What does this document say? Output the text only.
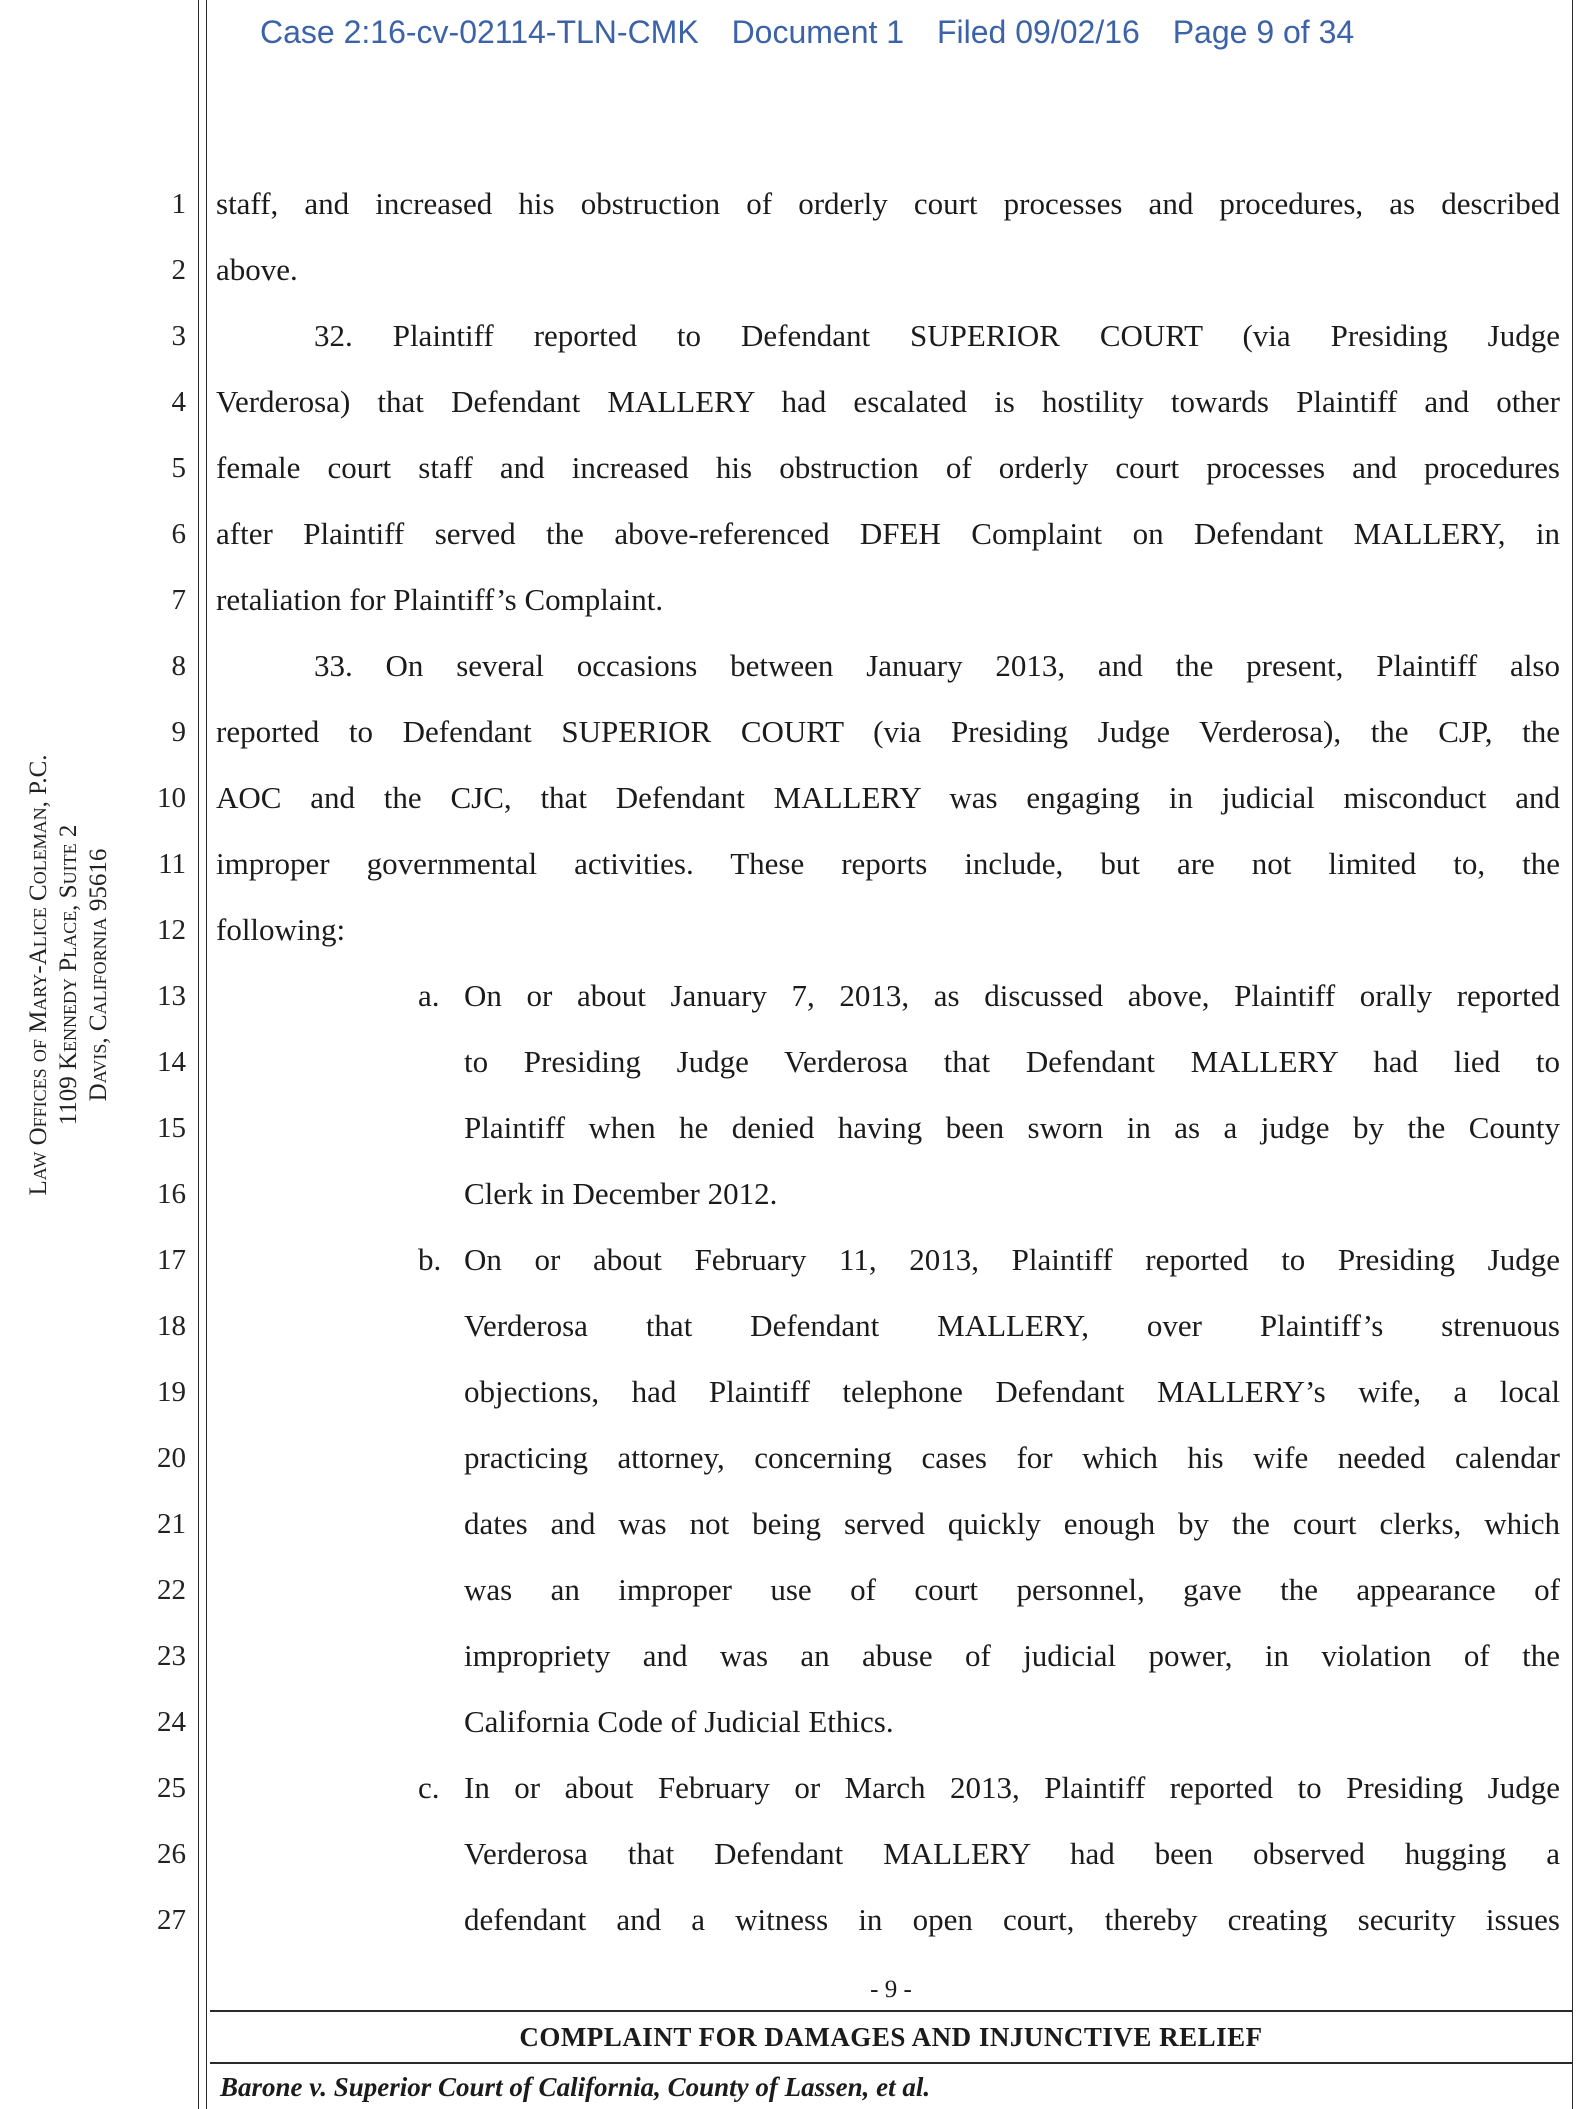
Case 2:16-cv-02114-TLN-CMK Document 1 Filed 09/02/16 Page 9 of 34
Law Offices of Mary-Alice Coleman, P.C. 1109 Kennedy Place, Suite 2 Davis, California 95616
1
2
3
4
5
6
7
8
9
10
11
12
13
14
15
16
17
18
19
20
21
22
23
24
25
26
27
staff, and increased his obstruction of orderly court processes and procedures, as described
above.
32. Plaintiff reported to Defendant SUPERIOR COURT (via Presiding Judge
Verderosa) that Defendant MALLERY had escalated is hostility towards Plaintiff and other
female court staff and increased his obstruction of orderly court processes and procedures
after Plaintiff served the above-referenced DFEH Complaint on Defendant MALLERY, in
retaliation for Plaintiff’s Complaint.
33. On several occasions between January 2013, and the present, Plaintiff also
reported to Defendant SUPERIOR COURT (via Presiding Judge Verderosa), the CJP, the
AOC and the CJC, that Defendant MALLERY was engaging in judicial misconduct and
improper governmental activities. These reports include, but are not limited to, the
following:
a. On or about January 7, 2013, as discussed above, Plaintiff orally reported
to Presiding Judge Verderosa that Defendant MALLERY had lied to
Plaintiff when he denied having been sworn in as a judge by the County
Clerk in December 2012.
b. On or about February 11, 2013, Plaintiff reported to Presiding Judge
Verderosa that Defendant MALLERY, over Plaintiff’s strenuous
objections, had Plaintiff telephone Defendant MALLERY’s wife, a local
practicing attorney, concerning cases for which his wife needed calendar
dates and was not being served quickly enough by the court clerks, which
was an improper use of court personnel, gave the appearance of
impropriety and was an abuse of judicial power, in violation of the
California Code of Judicial Ethics.
c. In or about February or March 2013, Plaintiff reported to Presiding Judge
Verderosa that Defendant MALLERY had been observed hugging a
defendant and a witness in open court, thereby creating security issues
- 9 -
COMPLAINT FOR DAMAGES AND INJUNCTIVE RELIEF
Barone v. Superior Court of California, County of Lassen, et al.
